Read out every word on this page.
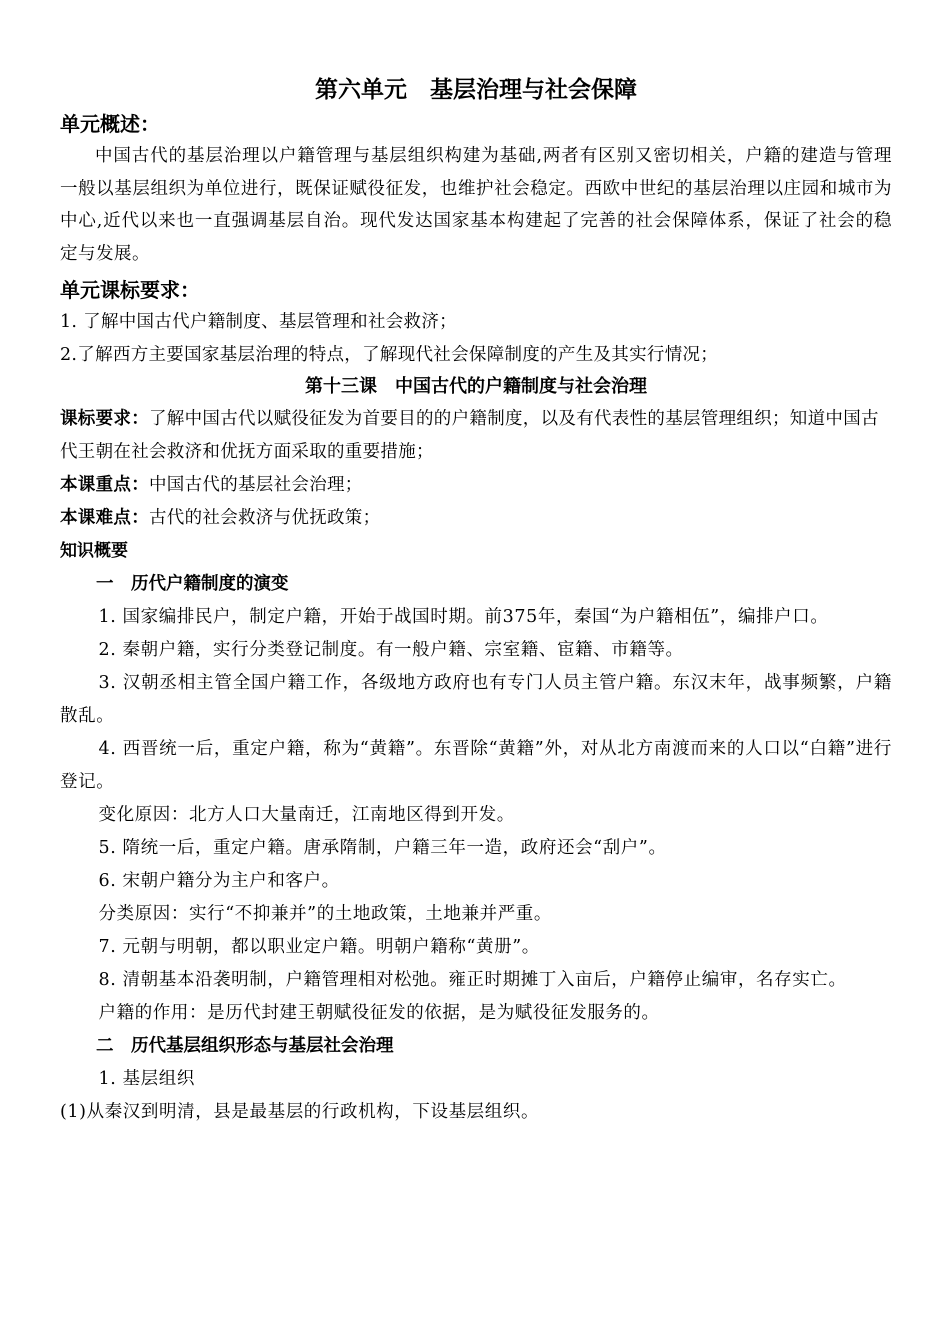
第六单元　基层治理与社会保障
单元概述：

中国古代的基层治理以户籍管理与基层组织构建为基础,两者有区别又密切相关，户籍的建造与管理一般以基层组织为单位进行，既保证赋役征发，也维护社会稳定。西欧中世纪的基层治理以庄园和城市为中心,近代以来也一直强调基层自治。现代发达国家基本构建起了完善的社会保障体系，保证了社会的稳定与发展。

单元课标要求：

1. 了解中国古代户籍制度、基层管理和社会救济；

2.了解西方主要国家基层治理的特点，了解现代社会保障制度的产生及其实行情况；

第十三课　中国古代的户籍制度与社会治理

课标要求：了解中国古代以赋役征发为首要目的的户籍制度，以及有代表性的基层管理组织；知道中国古代王朝在社会救济和优抚方面采取的重要措施；

本课重点：中国古代的基层社会治理；

本课难点：古代的社会救济与优抚政策；

知识概要

一　历代户籍制度的演变

1. 国家编排民户，制定户籍，开始于战国时期。前375年，秦国“为户籍相伍”，编排户口。

2. 秦朝户籍，实行分类登记制度。有一般户籍、宗室籍、宦籍、市籍等。

3. 汉朝丞相主管全国户籍工作，各级地方政府也有专门人员主管户籍。东汉末年，战事频繁，户籍散乱。

4. 西晋统一后，重定户籍，称为“黄籍”。东晋除“黄籍”外，对从北方南渡而来的人口以“白籍”进行登记。

变化原因：北方人口大量南迁，江南地区得到开发。

5. 隋统一后，重定户籍。唐承隋制，户籍三年一造，政府还会“刮户”。

6. 宋朝户籍分为主户和客户。

分类原因：实行“不抑兼并”的土地政策，土地兼并严重。

7. 元朝与明朝，都以职业定户籍。明朝户籍称“黄册”。

8. 清朝基本沿袭明制，户籍管理相对松弛。雍正时期摊丁入亩后，户籍停止编审，名存实亡。

户籍的作用：是历代封建王朝赋役征发的依据，是为赋役征发服务的。

二　历代基层组织形态与基层社会治理

1. 基层组织

(1)从秦汉到明清，县是最基层的行政机构，下设基层组织。
